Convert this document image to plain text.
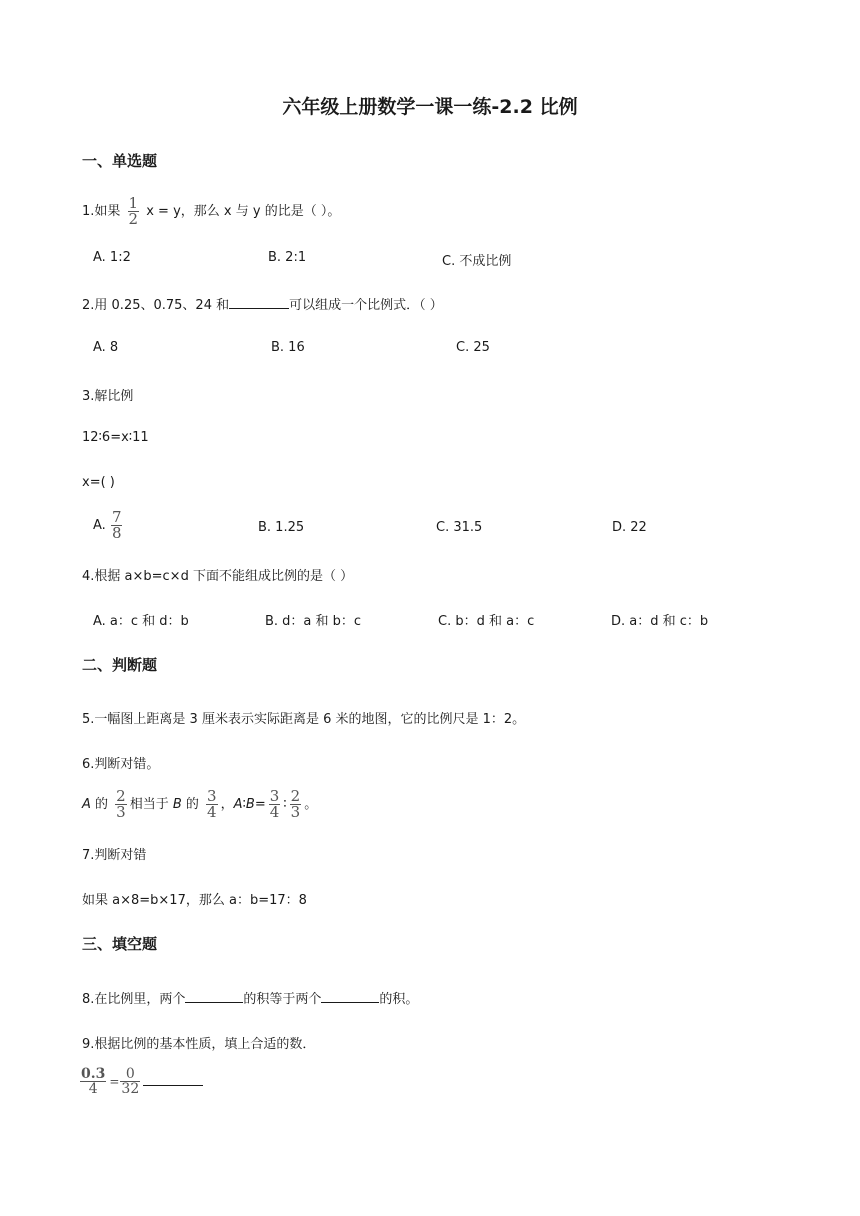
六年级上册数学一课一练-2.2 比例
一、单选题
1.如果 $\frac{1}{2}$ x = y，那么 x 与 y 的比是（ ）。
A. 1:2	B. 2:1	C. 不成比例
2.用 0.25、0.75、24 和	可以组成一个比例式．（ ）
A. 8	B. 16	C. 25
3.解比例
12∶6=x∶11
x=( )
A. $\frac{7}{8}$	B. 1.25	C. 31.5	D. 22
4.根据 a×b=c×d 下面不能组成比例的是（ ）
A. a：c 和 d：b	B. d：a 和 b：c	C. b：d 和 a：c	D. a：d 和 c：b
二、判断题
5.一幅图上距离是 3 厘米表示实际距离是 6 米的地图，它的比例尺是 1：2。
6.判断对错。
A 的 $\frac{2}{3}$ 相当于 B 的 $\frac{3}{4}$ ，A∶B= $\frac{3}{4}$ ∶ $\frac{2}{3}$ 。
7.判断对错
如果 a×8=b×17，那么 a：b=17：8
三、填空题
8.在比例里，两个	的积等于两个	的积。
9.根据比例的基本性质，填上合适的数．
$\frac{0.3}{4} = \frac{0}{32}$
